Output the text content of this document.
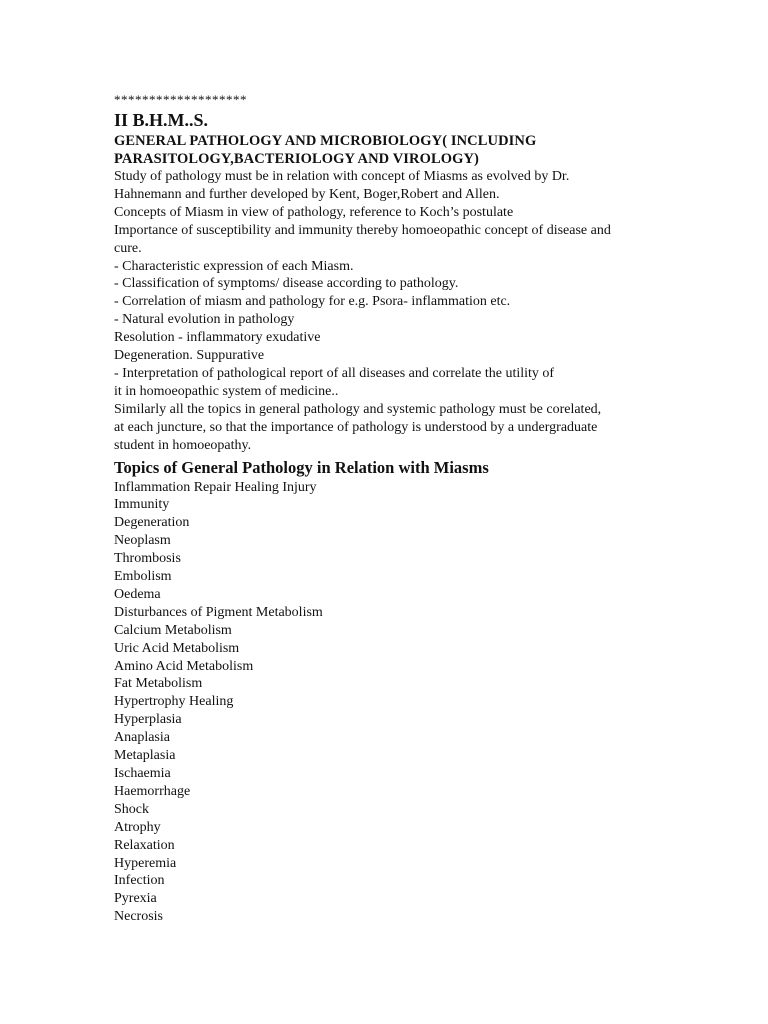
*******************

II B.H.M..S.

GENERAL PATHOLOGY AND MICROBIOLOGY( INCLUDING

PARASITOLOGY,BACTERIOLOGY AND VIROLOGY)

Study of pathology must be in relation with concept of Miasms as evolved by Dr.

Hahnemann and further developed by Kent, Boger,Robert and Allen.

Concepts of Miasm in view of pathology, reference to Koch’s postulate

Importance of susceptibility and immunity thereby homoeopathic concept of disease and

cure.

- Characteristic expression of each Miasm.

- Classification of symptoms/ disease according to pathology.

- Correlation of miasm and pathology for e.g. Psora- inflammation etc.

- Natural evolution in pathology

Resolution - inflammatory exudative

Degeneration. Suppurative

- Interpretation of pathological report of all diseases and correlate the utility of

it in homoeopathic system of medicine..

Similarly all the topics in general pathology and systemic pathology must be corelated,

at each juncture, so that the importance of pathology is understood by a undergraduate

student in homoeopathy.

Topics of General Pathology in Relation with Miasms

Inflammation Repair Healing Injury

Immunity

Degeneration

Neoplasm

Thrombosis

Embolism

Oedema

Disturbances of Pigment Metabolism

Calcium Metabolism

Uric Acid Metabolism

Amino Acid Metabolism

Fat Metabolism

Hypertrophy Healing

Hyperplasia

Anaplasia

Metaplasia

Ischaemia

Haemorrhage

Shock

Atrophy

Relaxation

Hyperemia

Infection

Pyrexia

Necrosis
